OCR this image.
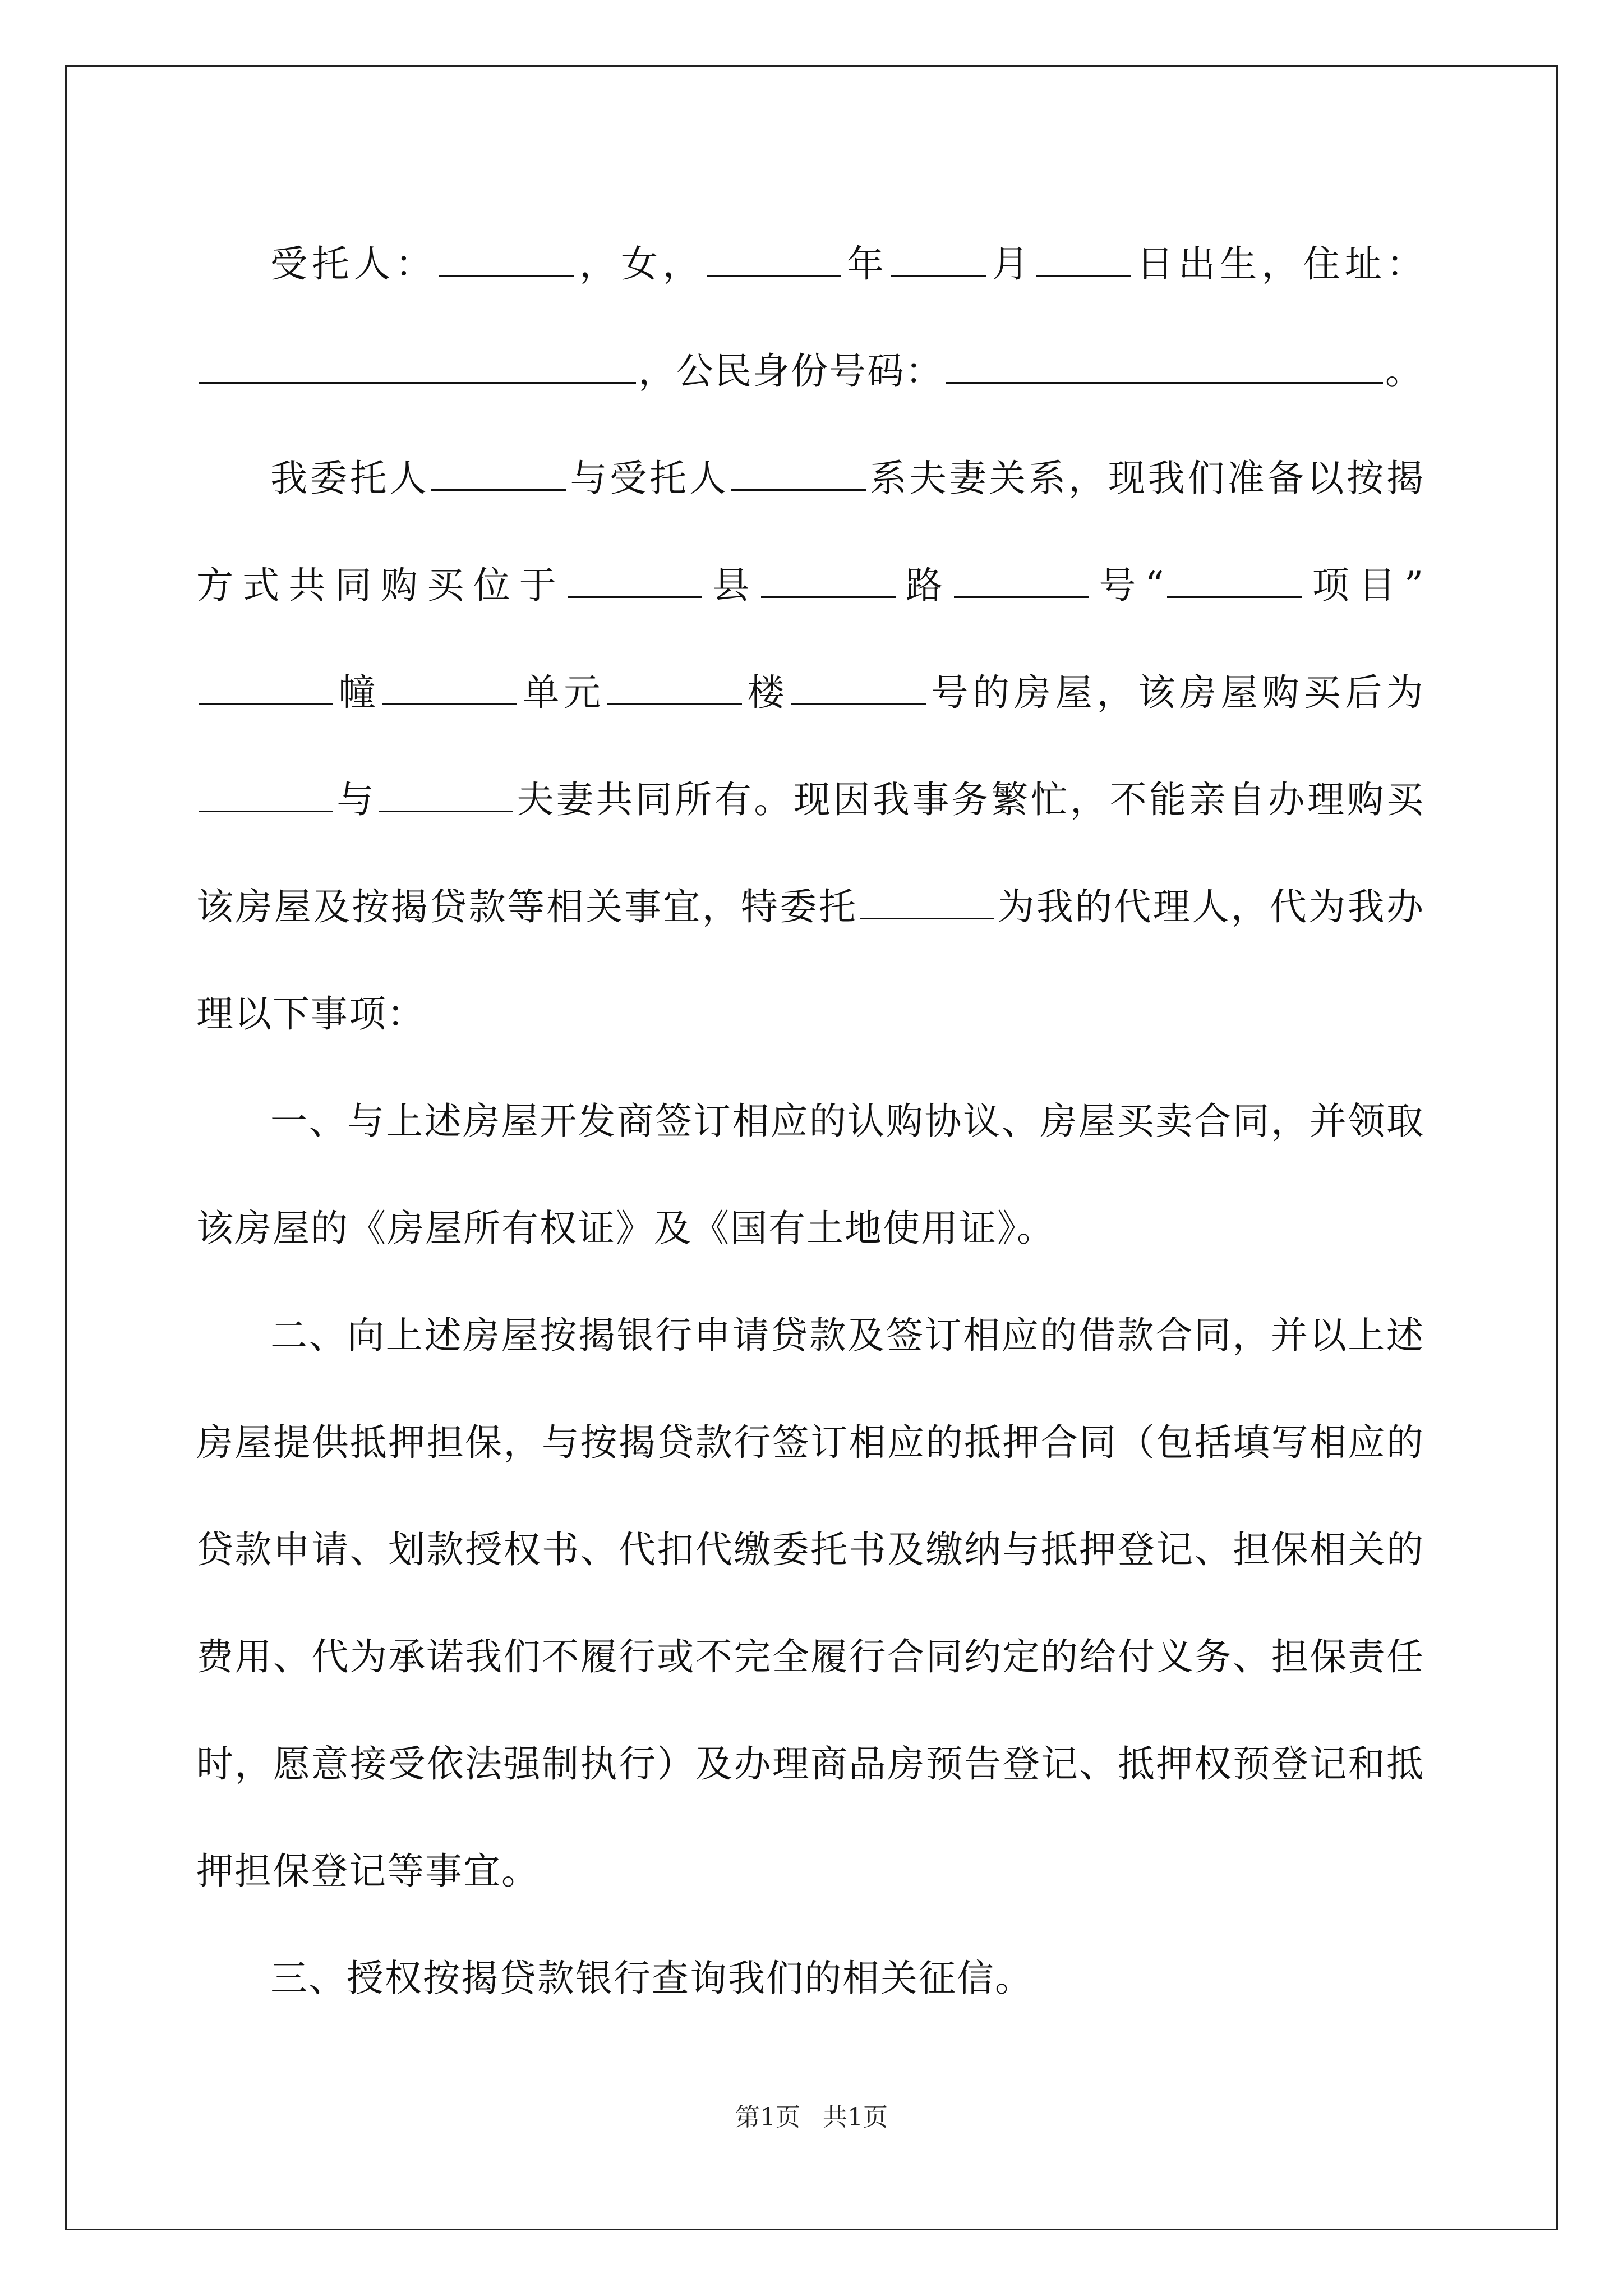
受托人：	，女，	年	月	日出生，住址：，公民身份号码：	。

我委托人	与受托人	系夫妻关系，现我们准备以按揭方式共同购买位于	县	路	号“	项目”幢	单元	楼	号的房屋，该房屋购买后为与	夫妻共同所有。现因我事务繁忙，不能亲自办理购买该房屋及按揭贷款等相关事宜，特委托	为我的代理人，代为我办理以下事项：

一、与上述房屋开发商签订相应的认购协议、房屋买卖合同，并领取该房屋的《房屋所有权证》及《国有土地使用证》。

二、向上述房屋按揭银行申请贷款及签订相应的借款合同，并以上述房屋提供抵押担保，与按揭贷款行签订相应的抵押合同（包括填写相应的贷款申请、划款授权书、代扣代缴委托书及缴纳与抵押登记、担保相关的费用、代为承诺我们不履行或不完全履行合同约定的给付义务、担保责任时，愿意接受依法强制执行）及办理商品房预告登记、抵押权预登记和抵押担保登记等事宜。

三、授权按揭贷款银行查询我们的相关征信。

第1页 共1页
